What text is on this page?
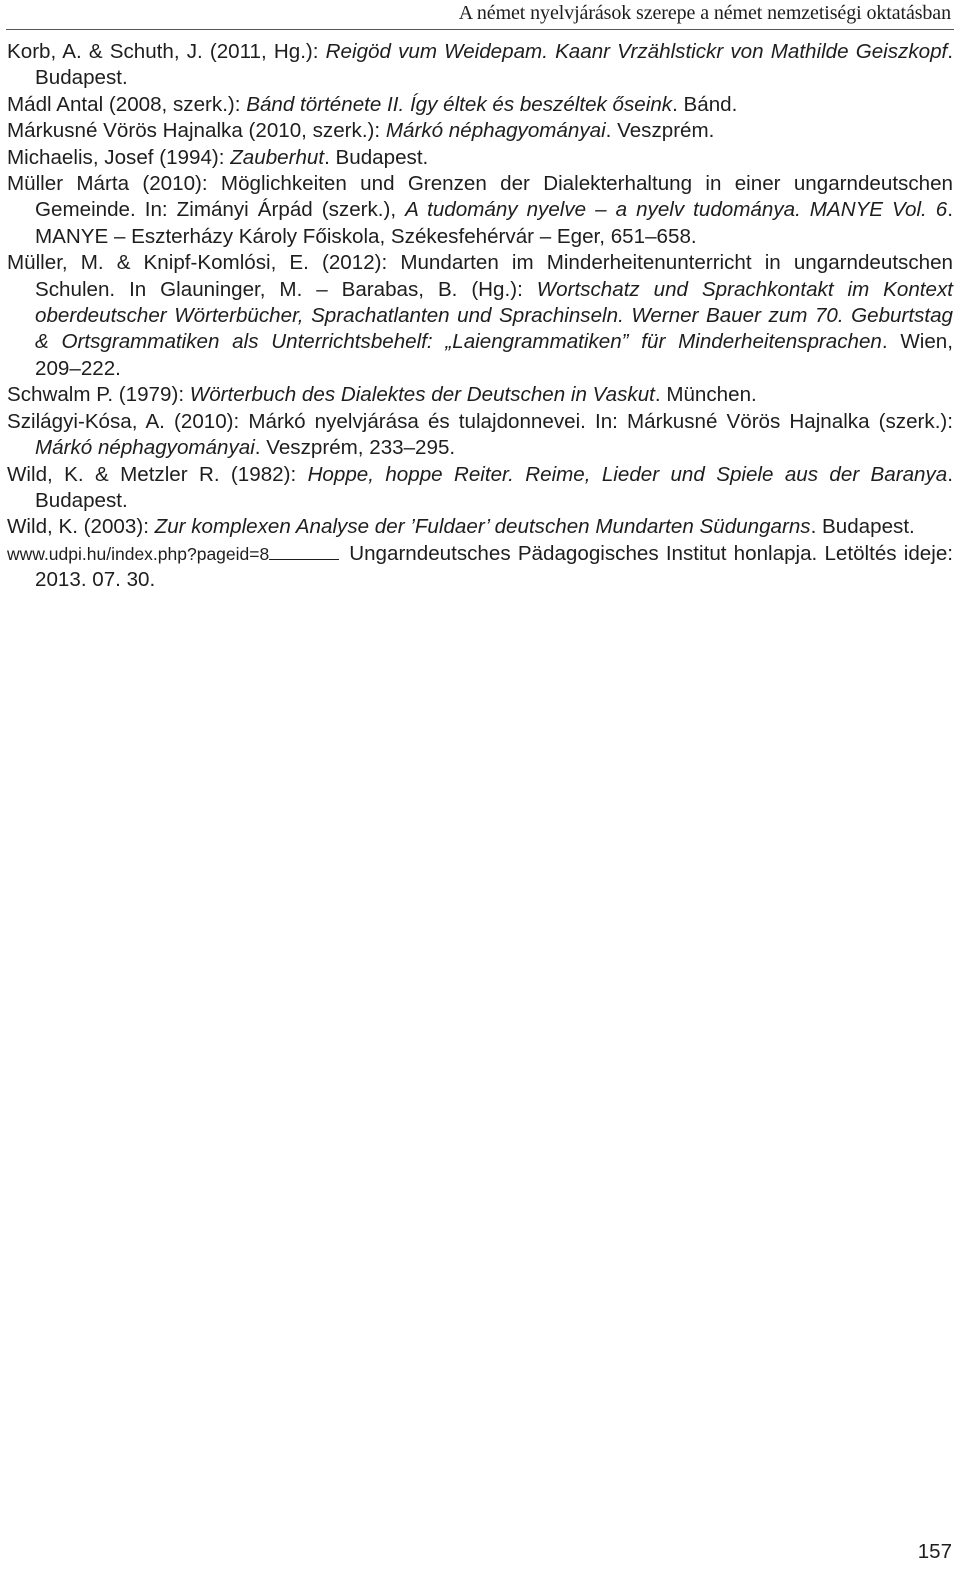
A német nyelvjárások szerepe a német nemzetiségi oktatásban
Korb, A. & Schuth, J. (2011, Hg.): Reigöd vum Weidepam. Kaanr Vrzählstickr von Mathilde Geiszkopf. Budapest.
Mádl Antal (2008, szerk.): Bánd története II. Így éltek és beszéltek őseink. Bánd.
Márkusné Vörös Hajnalka (2010, szerk.): Márkó néphagyományai. Veszprém.
Michaelis, Josef (1994): Zauberhut. Budapest.
Müller Márta (2010): Möglichkeiten und Grenzen der Dialekterhaltung in einer ungarndeutschen Gemeinde. In: Zimányi Árpád (szerk.), A tudomány nyelve – a nyelv tudománya. MANYE Vol. 6. MANYE – Eszterházy Károly Főiskola, Székesfehérvár – Eger, 651–658.
Müller, M. & Knipf-Komlósi, E. (2012): Mundarten im Minderheitenunterricht in ungarndeutschen Schulen. In Glauninger, M. – Barabas, B. (Hg.): Wortschatz und Sprachkontakt im Kontext oberdeutscher Wörterbücher, Sprachatlanten und Sprachinseln. Werner Bauer zum 70. Geburtstag & Ortsgrammatiken als Unterrichtsbehelf: „Laiengrammatiken” für Minderheitensprachen. Wien, 209–222.
Schwalm P. (1979): Wörterbuch des Dialektes der Deutschen in Vaskut. München.
Szilágyi-Kósa, A. (2010): Márkó nyelvjárása és tulajdonnevei. In: Márkusné Vörös Hajnalka (szerk.): Márkó néphagyományai. Veszprém, 233–295.
Wild, K. & Metzler R. (1982): Hoppe, hoppe Reiter. Reime, Lieder und Spiele aus der Baranya. Budapest.
Wild, K. (2003): Zur komplexen Analyse der ’Fuldaer’ deutschen Mundarten Südungarns. Budapest.
www.udpi.hu/index.php?pageid=8	Ungarndeutsches Pädagogisches Institut honlapja. Letöltés ideje: 2013. 07. 30.
157
